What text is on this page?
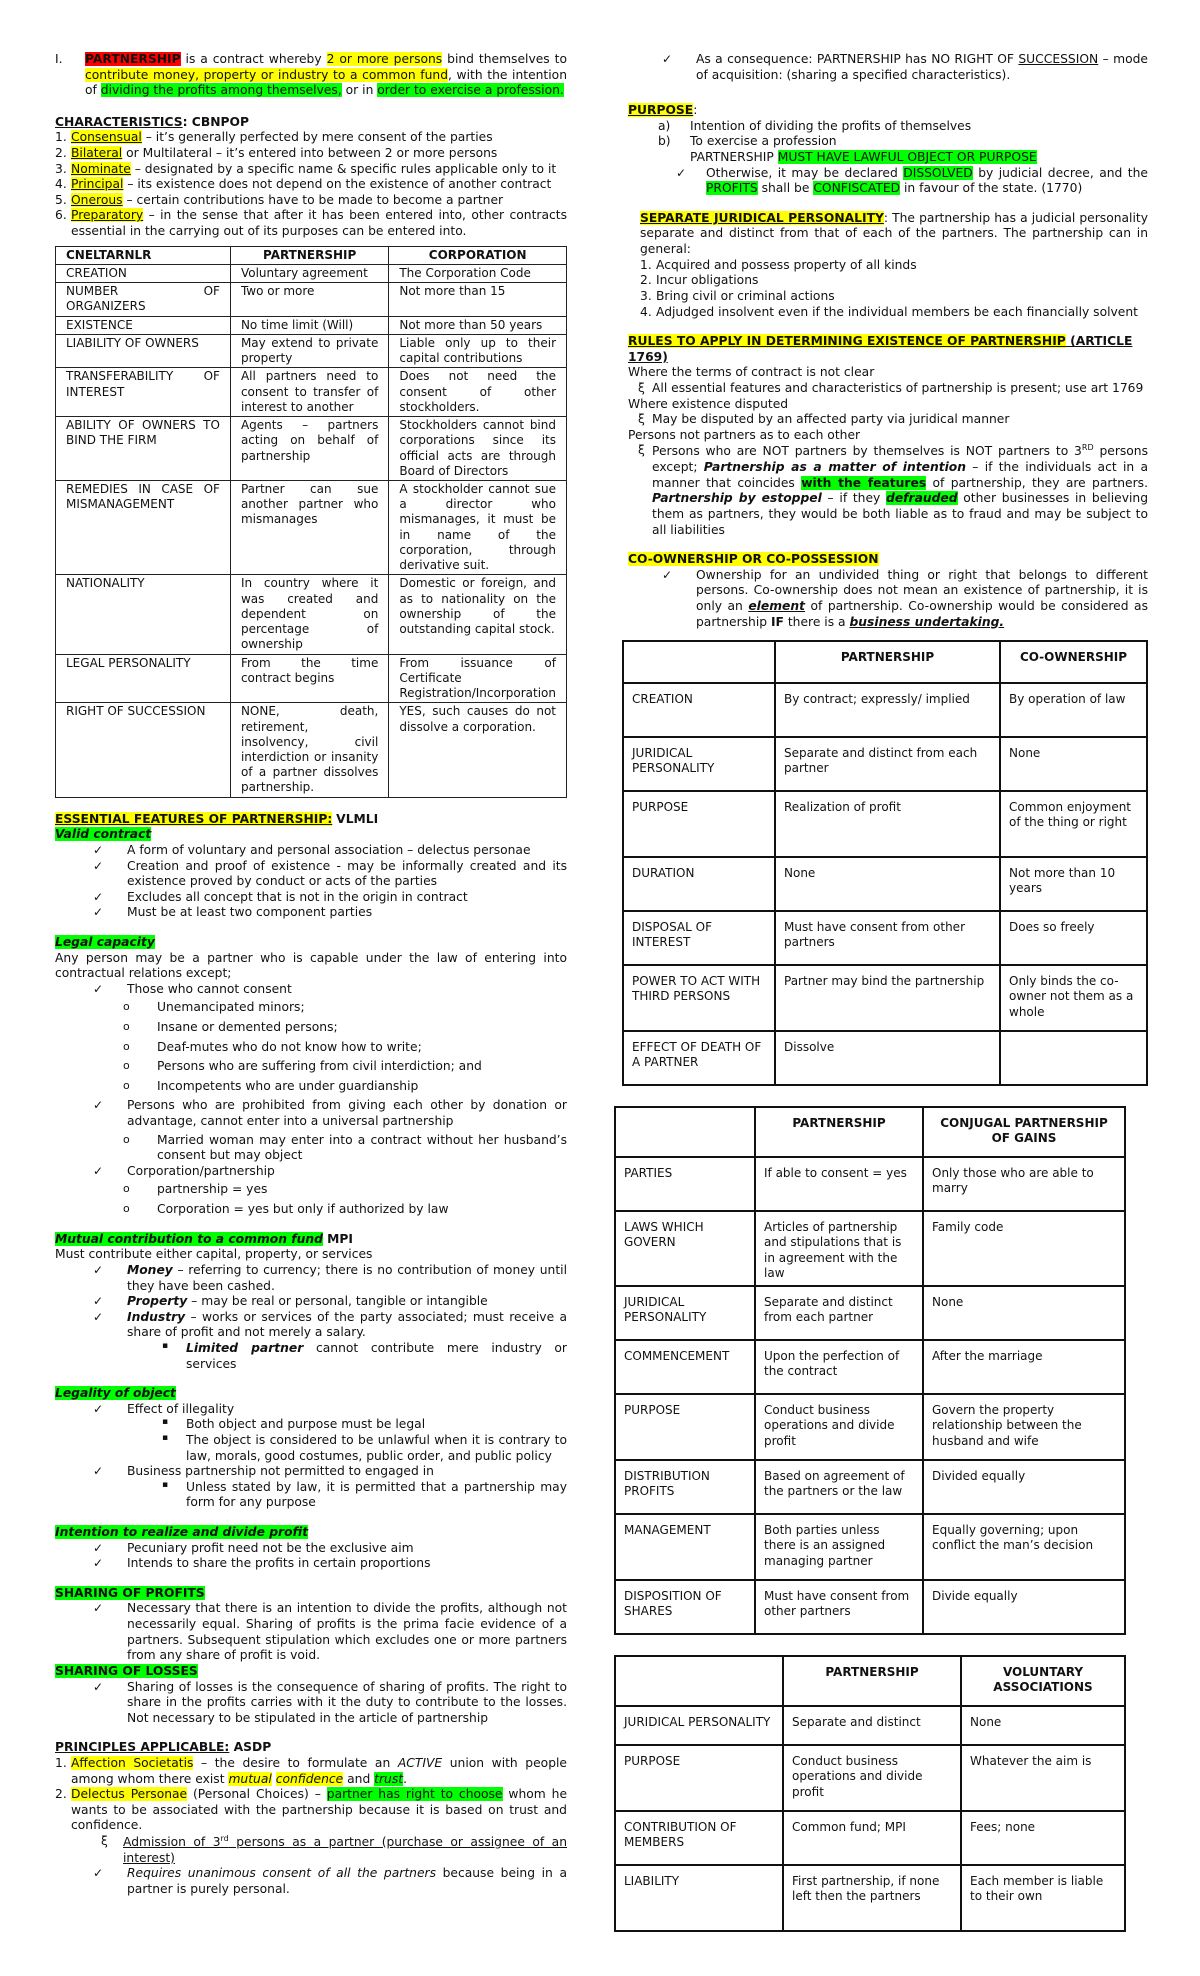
I.	PARTNERSHIP is a contract whereby 2 or more persons bind themselves to contribute money, property or industry to a common fund, with the intention of dividing the profits among themselves, or in order to exercise a profession.
CHARACTERISTICS: CBNPOP
1. Consensual – it’s generally perfected by mere consent of the parties
2. Bilateral or Multilateral – it’s entered into between 2 or more persons
3. Nominate – designated by a specific name & specific rules applicable only to it
4. Principal – its existence does not depend on the existence of another contract
5. Onerous – certain contributions have to be made to become a partner
6. Preparatory – in the sense that after it has been entered into, other contracts essential in the carrying out of its purposes can be entered into.
CNELTARNLR	PARTNERSHIP	CORPORATION
CREATION	Voluntary agreement	The Corporation Code
NUMBER OF ORGANIZERS	Two or more	Not more than 15
EXISTENCE	No time limit (Will)	Not more than 50 years
LIABILITY OF OWNERS	May extend to private property	Liable only up to their capital contributions
TRANSFERABILITY OF INTEREST	All partners need to consent to transfer of interest to another	Does not need the consent of other stockholders.
ABILITY OF OWNERS TO BIND THE FIRM	Agents – partners acting on behalf of partnership	Stockholders cannot bind corporations since its official acts are through Board of Directors
REMEDIES IN CASE OF MISMANAGEMENT	Partner can sue another partner who mismanages	A stockholder cannot sue a director who mismanages, it must be in name of the corporation, through derivative suit.
NATIONALITY	In country where it was created and dependent on percentage of ownership	Domestic or foreign, and as to nationality on the ownership of the outstanding capital stock.
LEGAL PERSONALITY	From the time contract begins	From issuance of Certificate Registration/Incorporation
RIGHT OF SUCCESSION	NONE, death, retirement, insolvency, civil interdiction or insanity of a partner dissolves partnership.	YES, such causes do not dissolve a corporation.
ESSENTIAL FEATURES OF PARTNERSHIP: VLMLI
Valid contract
✓	A form of voluntary and personal association – delectus personae
✓	Creation and proof of existence - may be informally created and its existence proved by conduct or acts of the parties
✓	Excludes all concept that is not in the origin in contract
✓	Must be at least two component parties
Legal capacity
Any person may be a partner who is capable under the law of entering into contractual relations except;
✓	Those who cannot consent
o	Unemancipated minors;
o	Insane or demented persons;
o	Deaf-mutes who do not know how to write;
o	Persons who are suffering from civil interdiction; and
o	Incompetents who are under guardianship
✓	Persons who are prohibited from giving each other by donation or advantage, cannot enter into a universal partnership
o	Married woman may enter into a contract without her husband’s consent but may object
✓	Corporation/partnership
o	partnership = yes
o	Corporation = yes but only if authorized by law
Mutual contribution to a common fund MPI
Must contribute either capital, property, or services
✓	Money – referring to currency; there is no contribution of money until they have been cashed.
✓	Property – may be real or personal, tangible or intangible
✓	Industry – works or services of the party associated; must receive a share of profit and not merely a salary.
▪	Limited partner cannot contribute mere industry or services
Legality of object
✓	Effect of illegality
▪	Both object and purpose must be legal
▪	The object is considered to be unlawful when it is contrary to law, morals, good costumes, public order, and public policy
✓	Business partnership not permitted to engaged in
▪	Unless stated by law, it is permitted that a partnership may form for any purpose
Intention to realize and divide profit
✓	Pecuniary profit need not be the exclusive aim
✓	Intends to share the profits in certain proportions
SHARING OF PROFITS
✓	Necessary that there is an intention to divide the profits, although not necessarily equal. Sharing of profits is the prima facie evidence of a partners. Subsequent stipulation which excludes one or more partners from any share of profit is void.
SHARING OF LOSSES
✓	Sharing of losses is the consequence of sharing of profits. The right to share in the profits carries with it the duty to contribute to the losses. Not necessary to be stipulated in the article of partnership
PRINCIPLES APPLICABLE: ASDP
1. Affection Societatis – the desire to formulate an ACTIVE union with people among whom there exist mutual confidence and trust.
2. Delectus Personae (Personal Choices) – partner has right to choose whom he wants to be associated with the partnership because it is based on trust and confidence.
ξ	Admission of 3rd persons as a partner (purchase or assignee of an interest)
✓	Requires unanimous consent of all the partners because being in a partner is purely personal.
✓	As a consequence: PARTNERSHIP has NO RIGHT OF SUCCESSION – mode of acquisition: (sharing a specified characteristics).
PURPOSE:
a)	Intention of dividing the profits of themselves
b)	To exercise a profession
PARTNERSHIP MUST HAVE LAWFUL OBJECT OR PURPOSE
✓	Otherwise, it may be declared DISSOLVED by judicial decree, and the PROFITS shall be CONFISCATED in favour of the state. (1770)
SEPARATE JURIDICAL PERSONALITY: The partnership has a judicial personality separate and distinct from that of each of the partners. The partnership can in general:
1. Acquired and possess property of all kinds
2. Incur obligations
3. Bring civil or criminal actions
4. Adjudged insolvent even if the individual members be each financially solvent
RULES TO APPLY IN DETERMINING EXISTENCE OF PARTNERSHIP (ARTICLE 1769)
Where the terms of contract is not clear
ξ All essential features and characteristics of partnership is present; use art 1769
Where existence disputed
ξ May be disputed by an affected party via juridical manner
Persons not partners as to each other
ξ Persons who are NOT partners by themselves is NOT partners to 3RD persons except; Partnership as a matter of intention – if the individuals act in a manner that coincides with the features of partnership, they are partners. Partnership by estoppel – if they defrauded other businesses in believing them as partners, they would be both liable as to fraud and may be subject to all liabilities
CO-OWNERSHIP OR CO-POSSESSION
✓	Ownership for an undivided thing or right that belongs to different persons. Co-ownership does not mean an existence of partnership, it is only an element of partnership. Co-ownership would be considered as partnership IF there is a business undertaking.
	PARTNERSHIP	CO-OWNERSHIP
CREATION	By contract; expressly/ implied	By operation of law
JURIDICAL PERSONALITY	Separate and distinct from each partner	None
PURPOSE	Realization of profit	Common enjoyment of the thing or right
DURATION	None	Not more than 10 years
DISPOSAL OF INTEREST	Must have consent from other partners	Does so freely
POWER TO ACT WITH THIRD PERSONS	Partner may bind the partnership	Only binds the co-owner not them as a whole
EFFECT OF DEATH OF A PARTNER	Dissolve	
	PARTNERSHIP	CONJUGAL PARTNERSHIP OF GAINS
PARTIES	If able to consent = yes	Only those who are able to marry
LAWS WHICH GOVERN	Articles of partnership and stipulations that is in agreement with the law	Family code
JURIDICAL PERSONALITY	Separate and distinct from each partner	None
COMMENCEMENT	Upon the perfection of the contract	After the marriage
PURPOSE	Conduct business operations and divide profit	Govern the property relationship between the husband and wife
DISTRIBUTION PROFITS	Based on agreement of the partners or the law	Divided equally
MANAGEMENT	Both parties unless there is an assigned managing partner	Equally governing; upon conflict the man’s decision
DISPOSITION OF SHARES	Must have consent from other partners	Divide equally
	PARTNERSHIP	VOLUNTARY ASSOCIATIONS
JURIDICAL PERSONALITY	Separate and distinct	None
PURPOSE	Conduct business operations and divide profit	Whatever the aim is
CONTRIBUTION OF MEMBERS	Common fund; MPI	Fees; none
LIABILITY	First partnership, if none left then the partners	Each member is liable to their own
